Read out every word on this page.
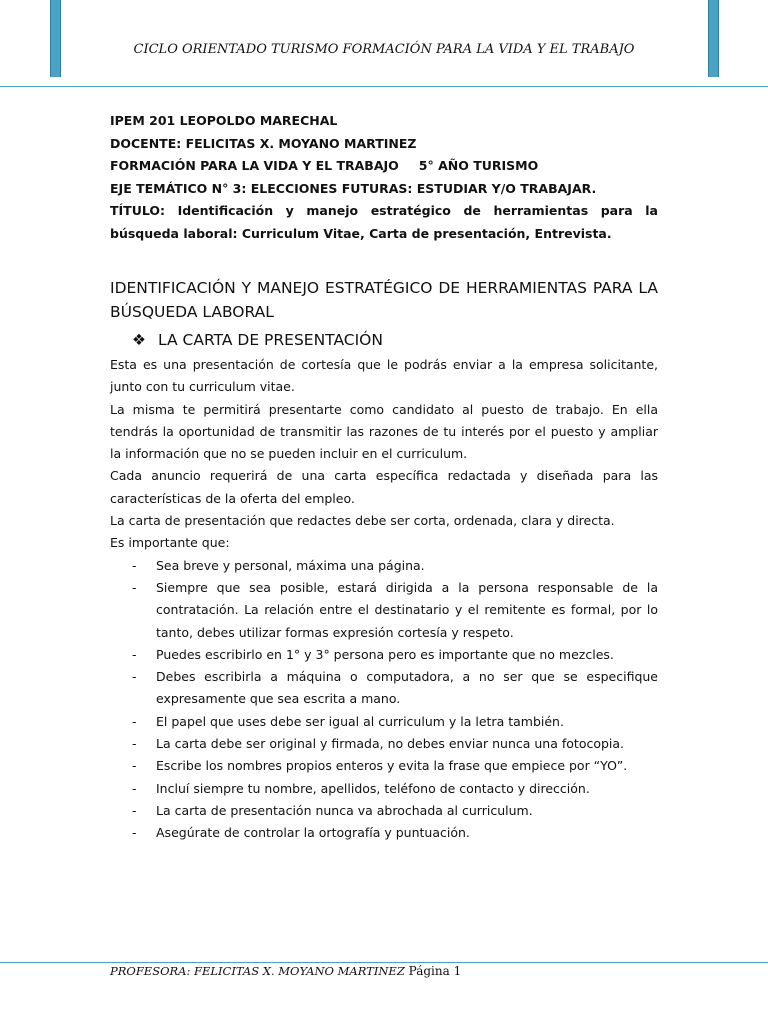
CICLO ORIENTADO TURISMO FORMACIÓN PARA LA VIDA Y EL TRABAJO
IPEM 201 LEOPOLDO MARECHAL
DOCENTE: FELICITAS X. MOYANO MARTINEZ
FORMACIÓN PARA LA VIDA Y EL TRABAJO 5° AÑO TURISMO
EJE TEMÁTICO N° 3: ELECCIONES FUTURAS: ESTUDIAR Y/O TRABAJAR.
TÍTULO: Identificación y manejo estratégico de herramientas para la búsqueda laboral: Curriculum Vitae, Carta de presentación, Entrevista.
IDENTIFICACIÓN Y MANEJO ESTRATÉGICO DE HERRAMIENTAS PARA LA BÚSQUEDA LABORAL
❖ LA CARTA DE PRESENTACIÓN

Esta es una presentación de cortesía que le podrás enviar a la empresa solicitante, junto con tu curriculum vitae.

La misma te permitirá presentarte como candidato al puesto de trabajo. En ella tendrás la oportunidad de transmitir las razones de tu interés por el puesto y ampliar la información que no se pueden incluir en el curriculum.

Cada anuncio requerirá de una carta específica redactada y diseñada para las características de la oferta del empleo.

La carta de presentación que redactes debe ser corta, ordenada, clara y directa.

Es importante que:

- Sea breve y personal, máxima una página.
- Siempre que sea posible, estará dirigida a la persona responsable de la contratación. La relación entre el destinatario y el remitente es formal, por lo tanto, debes utilizar formas expresión cortesía y respeto.
- Puedes escribirlo en 1° y 3° persona pero es importante que no mezcles.
- Debes escribirla a máquina o computadora, a no ser que se especifique expresamente que sea escrita a mano.
- El papel que uses debe ser igual al curriculum y la letra también.
- La carta debe ser original y firmada, no debes enviar nunca una fotocopia.
- Escribe los nombres propios enteros y evita la frase que empiece por “YO”.
- Incluí siempre tu nombre, apellidos, teléfono de contacto y dirección.
- La carta de presentación nunca va abrochada al curriculum.
- Asegúrate de controlar la ortografía y puntuación.
PROFESORA: FELICITAS X. MOYANO MARTINEZ Página 1
